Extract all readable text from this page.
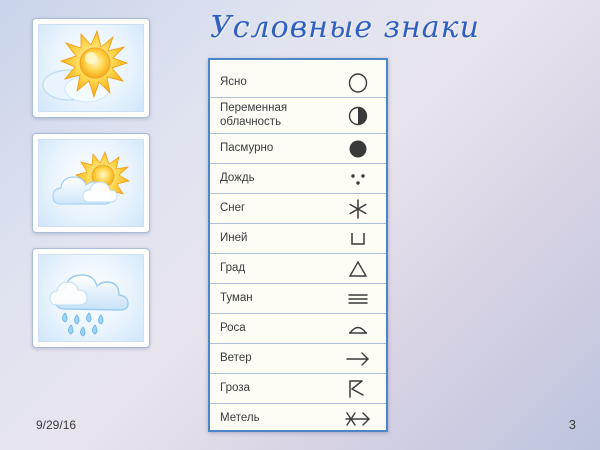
Условные знаки
Ясно
Переменная облачность
Пасмурно
Дождь
Снег
Иней
Град
Туман
Роса
Ветер
Гроза
Метель
9/29/16	3
